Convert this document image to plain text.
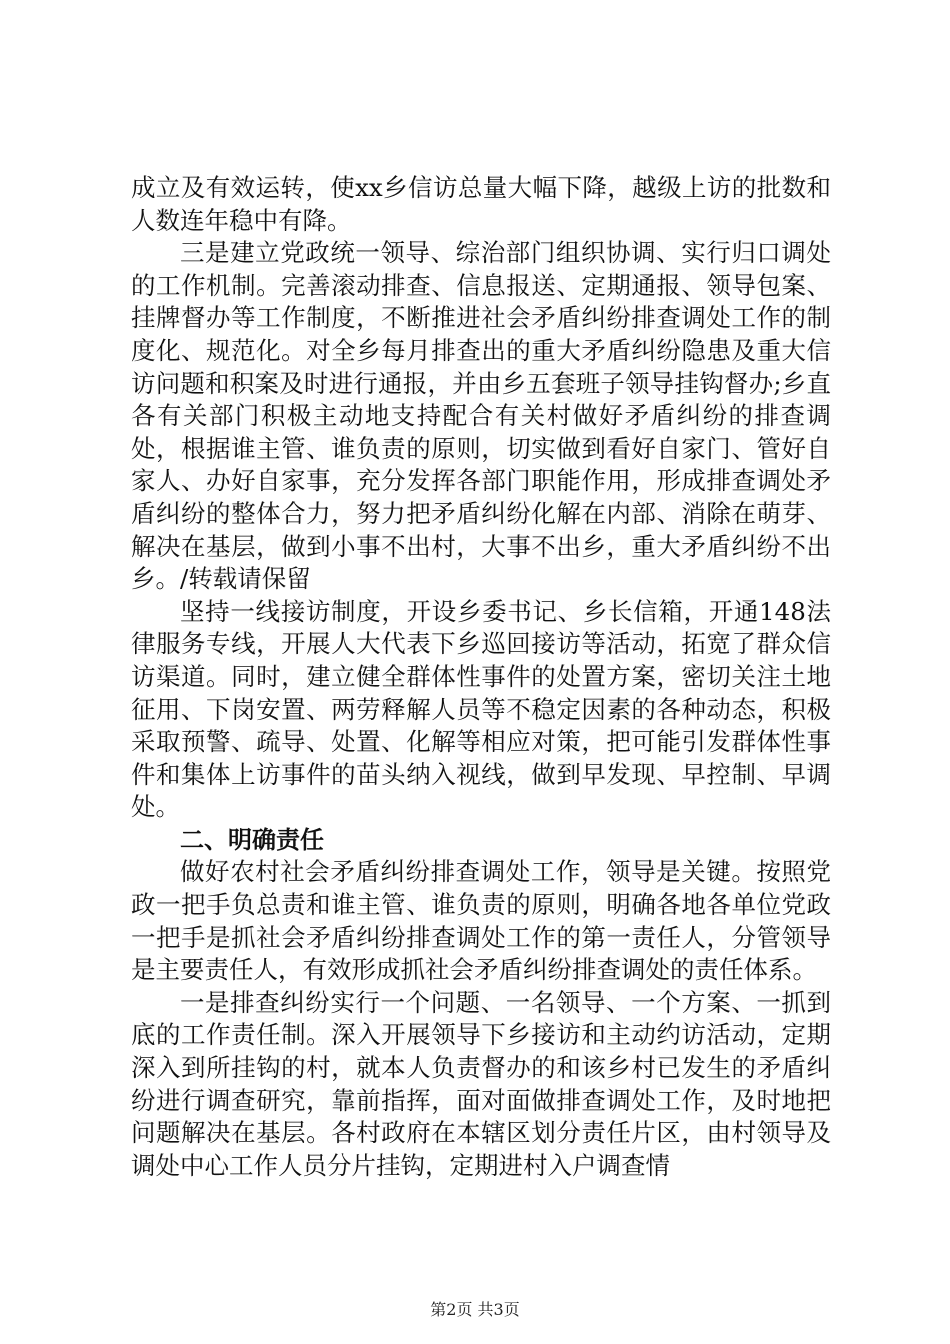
成立及有效运转，使xx乡信访总量大幅下降，越级上访的批数和人数连年稳中有降。

三是建立党政统一领导、综治部门组织协调、实行归口调处的工作机制。完善滚动排查、信息报送、定期通报、领导包案、挂牌督办等工作制度，不断推进社会矛盾纠纷排查调处工作的制度化、规范化。对全乡每月排查出的重大矛盾纠纷隐患及重大信访问题和积案及时进行通报，并由乡五套班子领导挂钩督办;乡直各有关部门积极主动地支持配合有关村做好矛盾纠纷的排查调处，根据谁主管、谁负责的原则，切实做到看好自家门、管好自家人、办好自家事，充分发挥各部门职能作用，形成排查调处矛盾纠纷的整体合力，努力把矛盾纠纷化解在内部、消除在萌芽、解决在基层，做到小事不出村，大事不出乡，重大矛盾纠纷不出乡。/转载请保留

坚持一线接访制度，开设乡委书记、乡长信箱，开通148法律服务专线，开展人大代表下乡巡回接访等活动，拓宽了群众信访渠道。同时，建立健全群体性事件的处置方案，密切关注土地征用、下岗安置、两劳释解人员等不稳定因素的各种动态，积极采取预警、疏导、处置、化解等相应对策，把可能引发群体性事件和集体上访事件的苗头纳入视线，做到早发现、早控制、早调处。

二、明确责任

做好农村社会矛盾纠纷排查调处工作，领导是关键。按照党政一把手负总责和谁主管、谁负责的原则，明确各地各单位党政一把手是抓社会矛盾纠纷排查调处工作的第一责任人，分管领导是主要责任人，有效形成抓社会矛盾纠纷排查调处的责任体系。

一是排查纠纷实行一个问题、一名领导、一个方案、一抓到底的工作责任制。深入开展领导下乡接访和主动约访活动，定期深入到所挂钩的村，就本人负责督办的和该乡村已发生的矛盾纠纷进行调查研究，靠前指挥，面对面做排查调处工作，及时地把问题解决在基层。各村政府在本辖区划分责任片区，由村领导及调处中心工作人员分片挂钩，定期进村入户调查情

第2页 共3页
